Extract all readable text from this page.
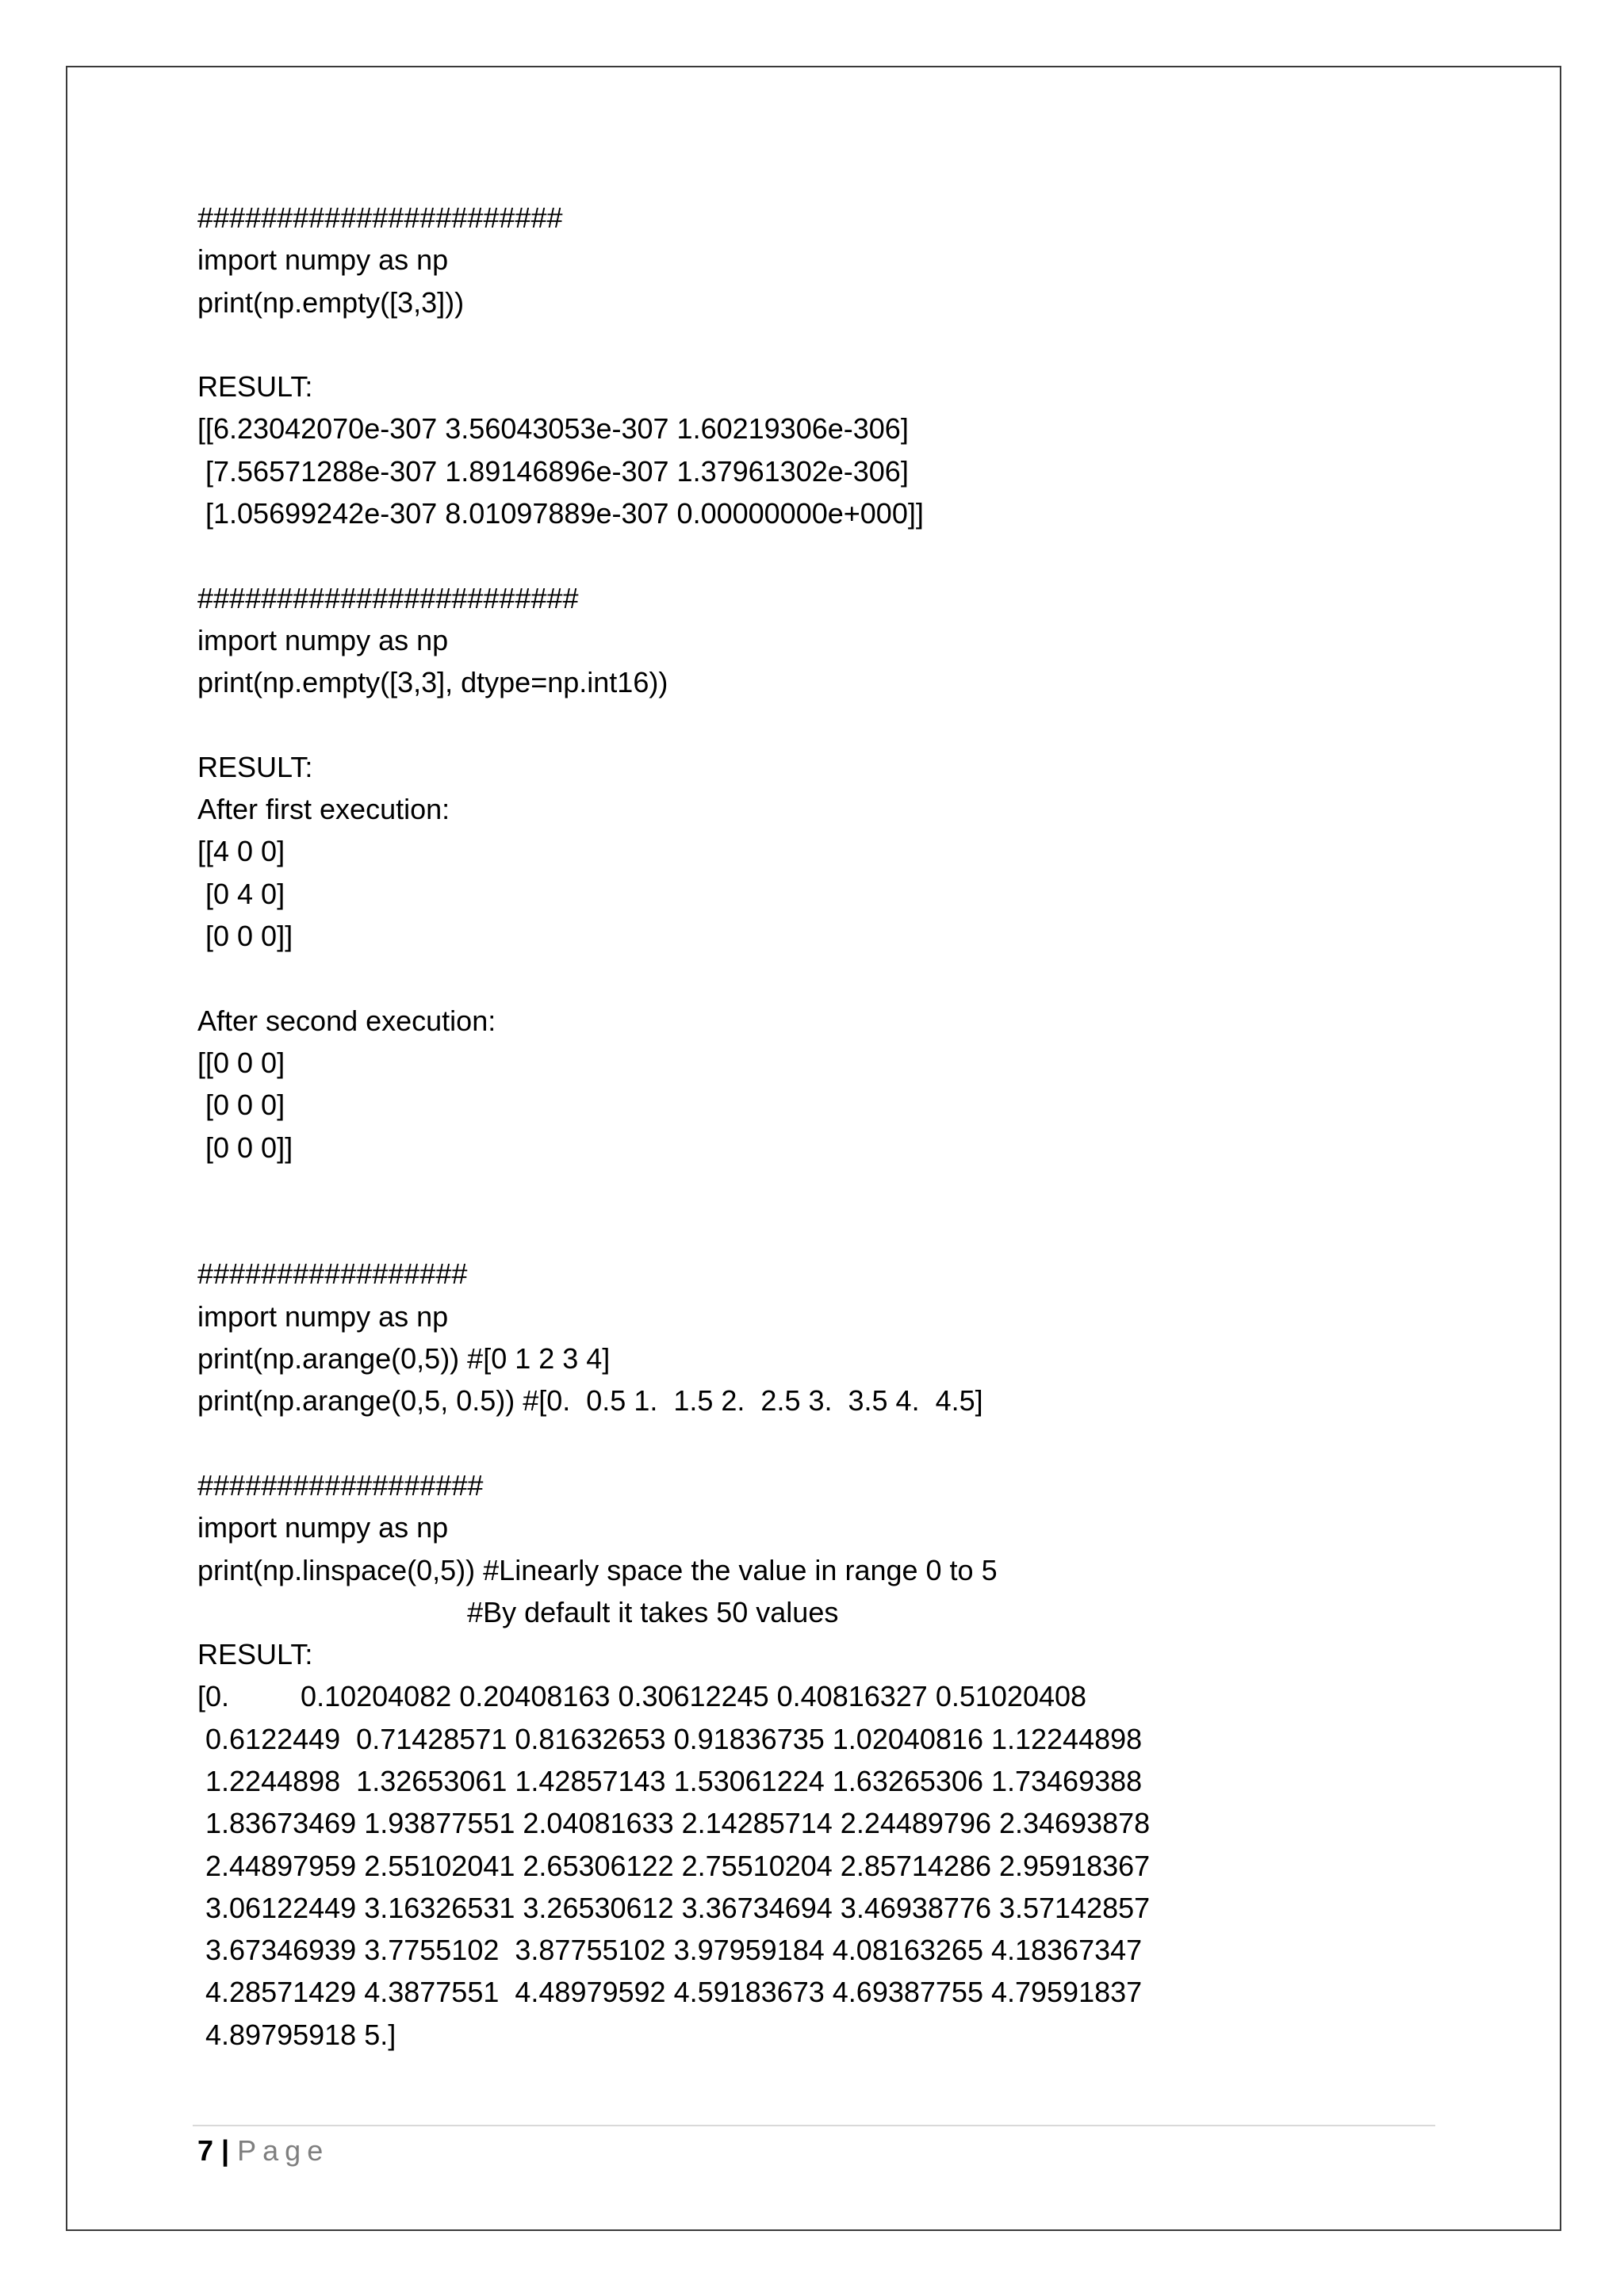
#######################
import numpy as np
print(np.empty([3,3]))
RESULT:
[[6.23042070e-307 3.56043053e-307 1.60219306e-306]
[7.56571288e-307 1.89146896e-307 1.37961302e-306]
[1.05699242e-307 8.01097889e-307 0.00000000e+000]]
########################
import numpy as np
print(np.empty([3,3], dtype=np.int16))
RESULT:
After first execution:
[[4 0 0]
[0 4 0]
[0 0 0]]
After second execution:
[[0 0 0]
[0 0 0]
[0 0 0]]
#################
import numpy as np
print(np.arange(0,5)) #[0 1 2 3 4]
print(np.arange(0,5, 0.5)) #[0.  0.5 1.  1.5 2.  2.5 3.  3.5 4.  4.5]
##################
import numpy as np
print(np.linspace(0,5)) #Linearly space the value in range 0 to 5
#By default it takes 50 values
RESULT:
[0.         0.10204082 0.20408163 0.30612245 0.40816327 0.51020408
0.6122449  0.71428571 0.81632653 0.91836735 1.02040816 1.12244898
1.2244898  1.32653061 1.42857143 1.53061224 1.63265306 1.73469388
1.83673469 1.93877551 2.04081633 2.14285714 2.24489796 2.34693878
2.44897959 2.55102041 2.65306122 2.75510204 2.85714286 2.95918367
3.06122449 3.16326531 3.26530612 3.36734694 3.46938776 3.57142857
3.67346939 3.7755102  3.87755102 3.97959184 4.08163265 4.18367347
4.28571429 4.3877551  4.48979592 4.59183673 4.69387755 4.79591837
4.89795918 5.]
7 | Page
